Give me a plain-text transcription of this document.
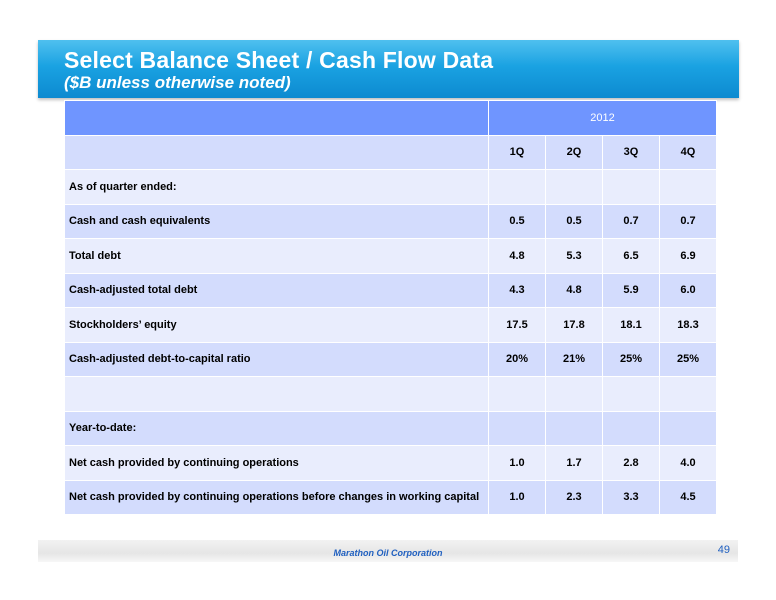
Select Balance Sheet / Cash Flow Data
($B unless otherwise noted)
	2012			
	1Q	2Q	3Q	4Q
As of quarter ended:				
Cash and cash equivalents	0.5	0.5	0.7	0.7
Total debt	4.8	5.3	6.5	6.9
Cash-adjusted total debt	4.3	4.8	5.9	6.0
Stockholders’ equity	17.5	17.8	18.1	18.3
Cash-adjusted debt-to-capital ratio	20%	21%	25%	25%

Year-to-date:				
Net cash provided by continuing operations	1.0	1.7	2.8	4.0
Net cash provided by continuing operations before changes in working capital	1.0	2.3	3.3	4.5
Marathon Oil Corporation	49
